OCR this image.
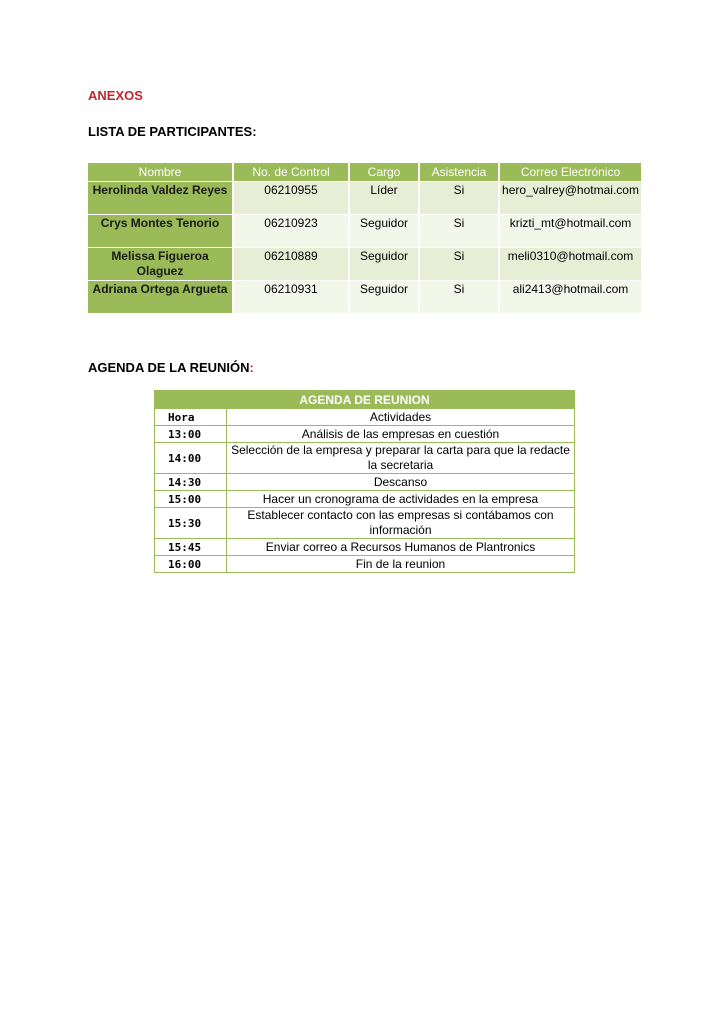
ANEXOS
LISTA DE PARTICIPANTES:
Nombre	No. de Control	Cargo	Asistencia	Correo Electrónico
Herolinda Valdez Reyes	06210955	Líder	Si	hero_valrey@hotmai.com
Crys Montes Tenorio	06210923	Seguidor	Si	krizti_mt@hotmail.com
Melissa Figueroa Olaguez	06210889	Seguidor	Si	meli0310@hotmail.com
Adriana Ortega Argueta	06210931	Seguidor	Si	ali2413@hotmail.com
AGENDA DE LA REUNIÓN:
AGENDA DE REUNION	
Hora	Actividades
13:00	Análisis de las empresas en cuestión
14:00	Selección de la empresa y preparar la carta para que la redacte la secretaria
14:30	Descanso
15:00	Hacer un cronograma de actividades en la empresa
15:30	Establecer contacto con las empresas si contábamos con información
15:45	Enviar correo a Recursos Humanos de Plantronics
16:00	Fin de la reunion
